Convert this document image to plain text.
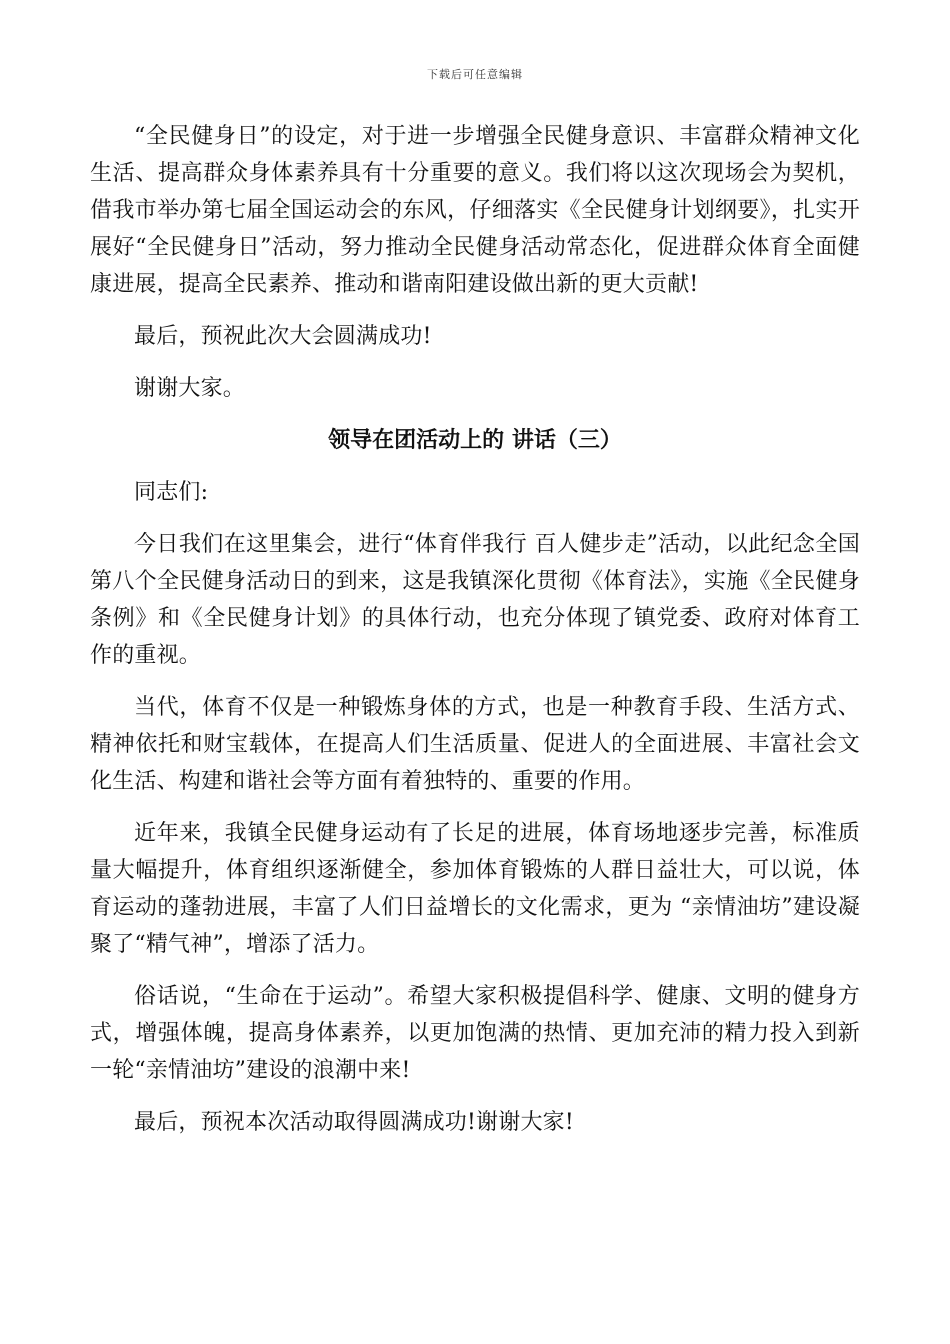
下载后可任意编辑

“全民健身日”的设定，对于进一步增强全民健身意识、丰富群众精神文化生活、提高群众身体素养具有十分重要的意义。我们将以这次现场会为契机，借我市举办第七届全国运动会的东风，仔细落实《全民健身计划纲要》，扎实开展好“全民健身日”活动，努力推动全民健身活动常态化，促进群众体育全面健康进展，提高全民素养、推动和谐南阳建设做出新的更大贡献!

最后，预祝此次大会圆满成功!

谢谢大家。

领导在团活动上的 讲话（三）

同志们:

今日我们在这里集会，进行“体育伴我行 百人健步走”活动，以此纪念全国第八个全民健身活动日的到来，这是我镇深化贯彻《体育法》，实施《全民健身条例》和《全民健身计划》的具体行动，也充分体现了镇党委、政府对体育工作的重视。

当代，体育不仅是一种锻炼身体的方式，也是一种教育手段、生活方式、精神依托和财宝载体，在提高人们生活质量、促进人的全面进展、丰富社会文化生活、构建和谐社会等方面有着独特的、重要的作用。

近年来，我镇全民健身运动有了长足的进展，体育场地逐步完善，标准质量大幅提升，体育组织逐渐健全，参加体育锻炼的人群日益壮大，可以说，体育运动的蓬勃进展，丰富了人们日益增长的文化需求，更为 “亲情油坊”建设凝聚了“精气神”，增添了活力。

俗话说，“生命在于运动”。希望大家积极提倡科学、健康、文明的健身方式，增强体魄，提高身体素养，以更加饱满的热情、更加充沛的精力投入到新一轮“亲情油坊”建设的浪潮中来!

最后，预祝本次活动取得圆满成功!谢谢大家!
